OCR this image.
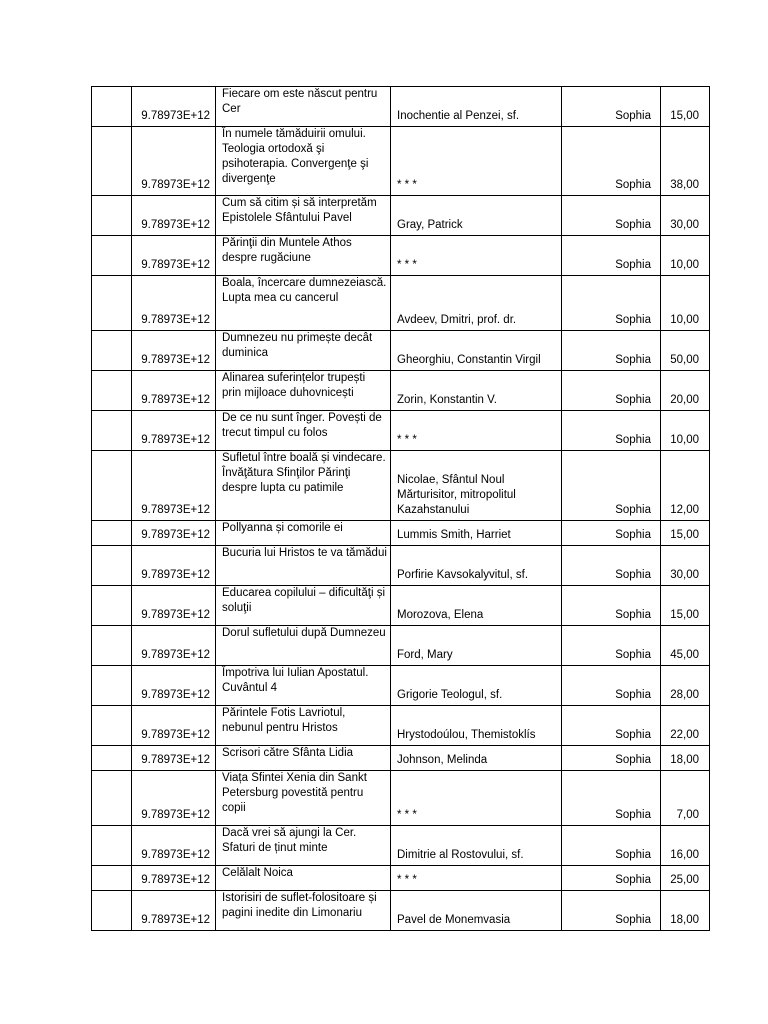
	9.78973E+12	Fiecare om este născut pentru Cer	Inochentie al Penzei, sf.	Sophia	15,00
	9.78973E+12	În numele tămăduirii omului. Teologia ortodoxă şi psihoterapia. Convergenţe şi divergenţe	* * *	Sophia	38,00
	9.78973E+12	Cum să citim și să interpretăm Epistolele Sfântului Pavel	Gray, Patrick	Sophia	30,00
	9.78973E+12	Părinţii din Muntele Athos despre rugăciune	* * *	Sophia	10,00
	9.78973E+12	Boala, încercare dumnezeiască. Lupta mea cu cancerul	Avdeev, Dmitri, prof. dr.	Sophia	10,00
	9.78973E+12	Dumnezeu nu primește decât duminica	Gheorghiu, Constantin Virgil	Sophia	50,00
	9.78973E+12	Alinarea suferințelor trupești prin mijloace duhovnicești	Zorin, Konstantin V.	Sophia	20,00
	9.78973E+12	De ce nu sunt înger. Povești de trecut timpul cu folos	* * *	Sophia	10,00
	9.78973E+12	Sufletul între boală și vindecare. Învăţătura Sfinţilor Părinţi despre lupta cu patimile	Nicolae, Sfântul Noul Mărturisitor, mitropolitul Kazahstanului	Sophia	12,00
	9.78973E+12	Pollyanna și comorile ei	Lummis Smith, Harriet	Sophia	15,00
	9.78973E+12	Bucuria lui Hristos te va tămădui	Porfirie Kavsokalyvitul, sf.	Sophia	30,00
	9.78973E+12	Educarea copilului – dificultăţi și soluţii	Morozova, Elena	Sophia	15,00
	9.78973E+12	Dorul sufletului după Dumnezeu	Ford, Mary	Sophia	45,00
	9.78973E+12	Împotriva lui Iulian Apostatul. Cuvântul 4	Grigorie Teologul, sf.	Sophia	28,00
	9.78973E+12	Părintele Fotis Lavriotul, nebunul pentru Hristos	Hrystodoúlou, Themistoklís	Sophia	22,00
	9.78973E+12	Scrisori către Sfânta Lidia	Johnson, Melinda	Sophia	18,00
	9.78973E+12	Viața Sfintei Xenia din Sankt Petersburg povestită pentru copii	* * *	Sophia	7,00
	9.78973E+12	Dacă vrei să ajungi la Cer. Sfaturi de ținut minte	Dimitrie al Rostovului, sf.	Sophia	16,00
	9.78973E+12	Celălalt Noica	* * *	Sophia	25,00
	9.78973E+12	Istorisiri de suflet-folositoare și pagini inedite din Limonariu	Pavel de Monemvasia	Sophia	18,00
